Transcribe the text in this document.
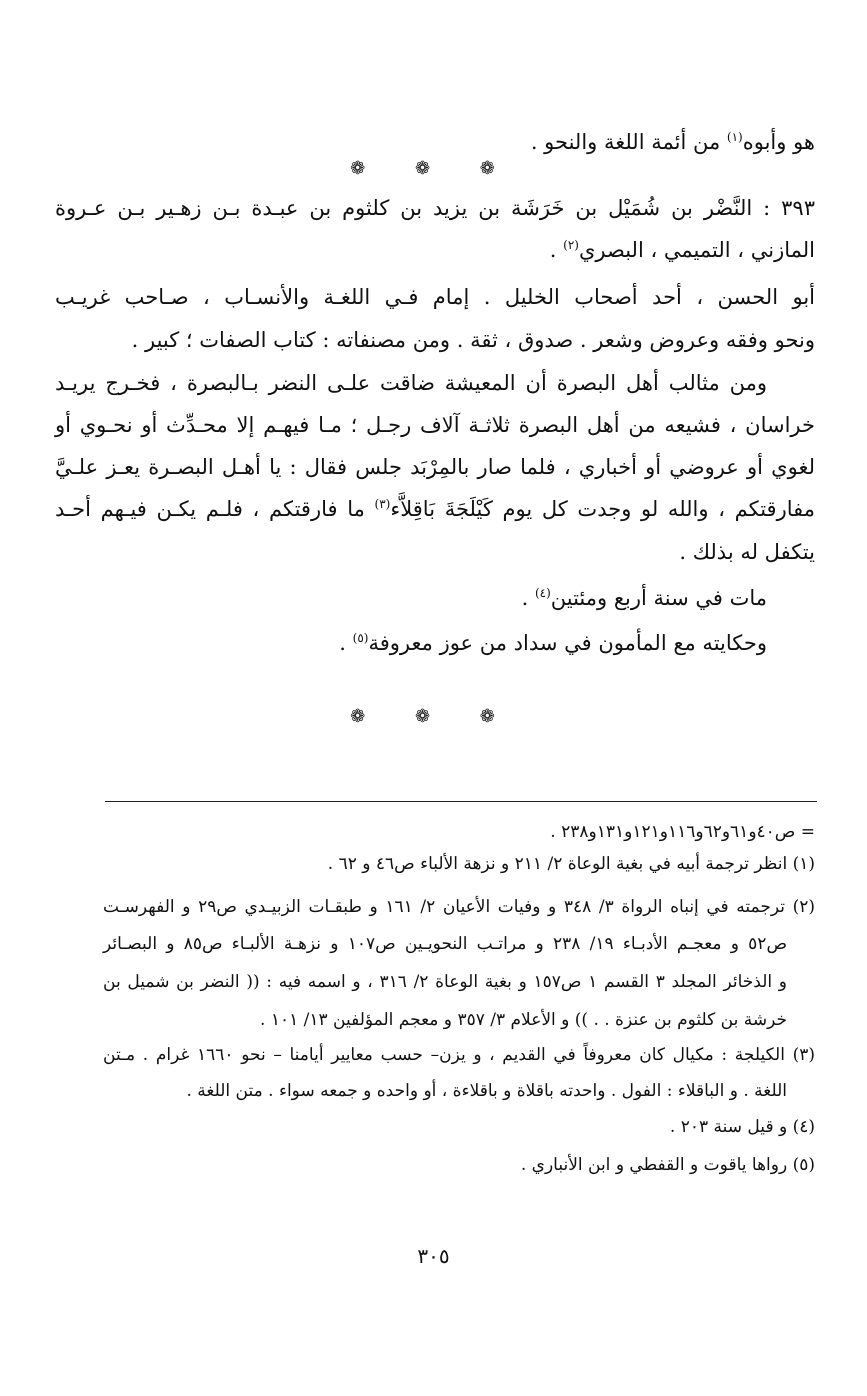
هو وأبوه$^{(١)}$ من أئمة اللغة والنحو .
❁ ❁ ❁
٣٩٣ : النَّضْر بن شُمَيْل بن خَرَشَة بن يزيد بن كلثوم بن عبـدة بـن زهـير بـن عـروة
المازني ، التميمي ، البصري$^{(٢)}$ .
أبو الحسن ، أحد أصحاب الخليل . إمام فـي اللغـة والأنسـاب ، صـاحب غريـب
ونحو وفقه وعروض وشعر . صدوق ، ثقة . ومن مصنفاته : كتاب الصفات ؛ كبير .
ومن مثالب أهل البصرة أن المعيشة ضاقت علـى النضر بـالبصرة ، فخـرج يريـد
خراسان ، فشيعه من أهل البصرة ثلاثـة آلاف رجـل ؛ مـا فيهـم إلا محـدِّث أو نحـوي أو
لغوي أو عروضي أو أخباري ، فلما صار بالمِرْبَد جلس فقال : يا أهـل البصـرة يعـز علـيَّ
مفارقتكم ، والله لو وجدت كل يوم كَيْلَجَةَ بَاقِلاَّء$^{(٣)}$ ما فارقتكم ، فلـم يكـن فيـهم أحـد
يتكفل له بذلك .
مات في سنة أربع ومئتين$^{(٤)}$ .
وحكايته مع المأمون في سداد من عوز معروفة$^{(٥)}$ .
❁ ❁ ❁
= ص٤٠و٦١و٦٢و١١٦و١٢١و١٣١و٢٣٨ .
(١) انظر ترجمة أبيه في بغية الوعاة ٢/ ٢١١ و نزهة الألباء ص٤٦ و ٦٢ .
(٢) ترجمته في إنباه الرواة ٣/ ٣٤٨ و وفيات الأعيان ٢/ ١٦١ و طبقـات الزبيـدي ص٢٩ و الفهرسـت
ص٥٢ و معجـم الأدبـاء ١٩/ ٢٣٨ و مراتـب النحويـين ص١٠٧ و نزهـة الألبـاء ص٨٥ و البصـائر
و الذخائر المجلد ٣ القسم ١ ص١٥٧ و بغية الوعاة ٢/ ٣١٦ ، و اسمه فيه : (( النضر بن شميل بن
خرشة بن كلثوم بن عنزة . . )) و الأعلام ٣/ ٣٥٧ و معجم المؤلفين ١٣/ ١٠١ .
(٣) الكيلجة : مكيال كان معروفاً في القديم ، و يزن– حسب معايير أيامنا – نحو ١٦٦٠ غرام . مـتن
اللغة . و الباقلاء : الفول . واحدته باقلاة و باقلاءة ، أو واحده و جمعه سواء . متن اللغة .
(٤) و قيل سنة ٢٠٣ .
(٥) رواها ياقوت و القفطي و ابن الأنباري .
٣٠٥
